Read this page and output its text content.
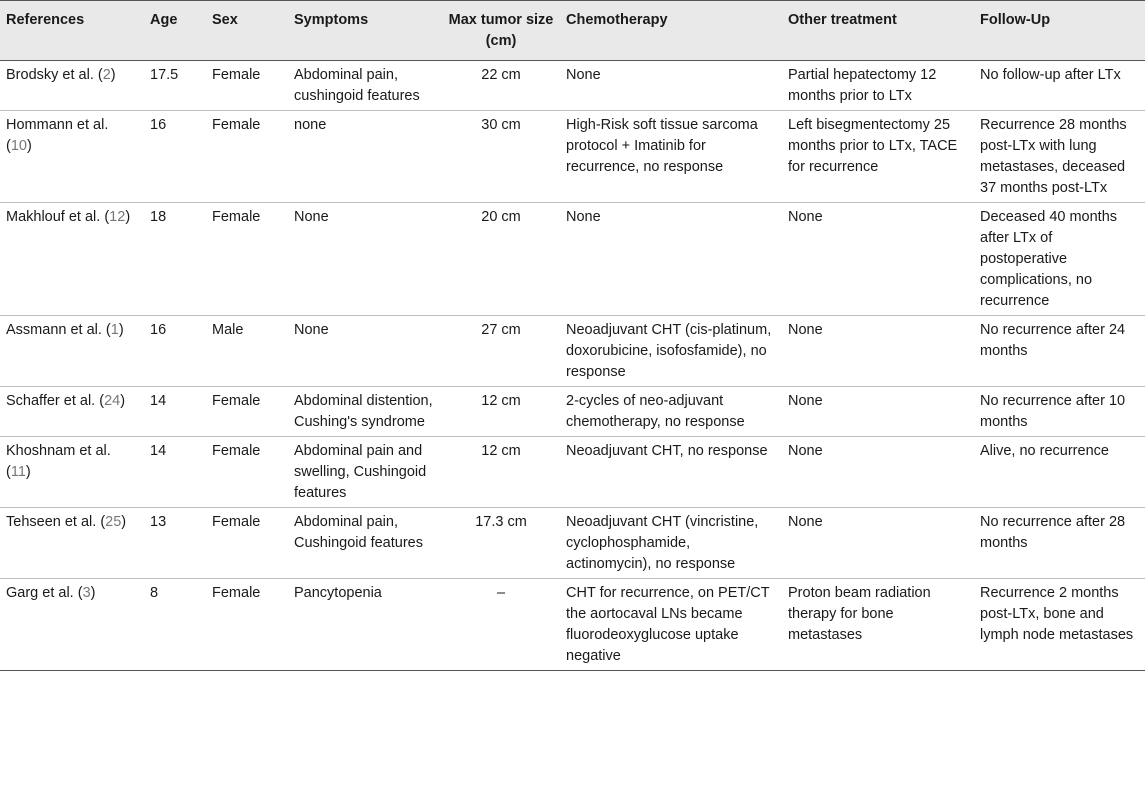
References	Age	Sex	Symptoms	Max tumor size (cm)	Chemotherapy	Other treatment	Follow-Up
Brodsky et al. (2)	17.5	Female	Abdominal pain, cushingoid features	22 cm	None	Partial hepatectomy 12 months prior to LTx	No follow-up after LTx
Hommann et al. (10)	16	Female	none	30 cm	High-Risk soft tissue sarcoma protocol + Imatinib for recurrence, no response	Left bisegmentectomy 25 months prior to LTx, TACE for recurrence	Recurrence 28 months post-LTx with lung metastases, deceased 37 months post-LTx
Makhlouf et al. (12)	18	Female	None	20 cm	None	None	Deceased 40 months after LTx of postoperative complications, no recurrence
Assmann et al. (1)	16	Male	None	27 cm	Neoadjuvant CHT (cis-platinum, doxorubicine, isofosfamide), no response	None	No recurrence after 24 months
Schaffer et al. (24)	14	Female	Abdominal distention, Cushing's syndrome	12 cm	2-cycles of neo-adjuvant chemotherapy, no response	None	No recurrence after 10 months
Khoshnam et al. (11)	14	Female	Abdominal pain and swelling, Cushingoid features	12 cm	Neoadjuvant CHT, no response	None	Alive, no recurrence
Tehseen et al. (25)	13	Female	Abdominal pain, Cushingoid features	17.3 cm	Neoadjuvant CHT (vincristine, cyclophosphamide, actinomycin), no response	None	No recurrence after 28 months
Garg et al. (3)	8	Female	Pancytopenia	–	CHT for recurrence, on PET/CT the aortocaval LNs became fluorodeoxyglucose uptake negative	Proton beam radiation therapy for bone metastases	Recurrence 2 months post-LTx, bone and lymph node metastases
